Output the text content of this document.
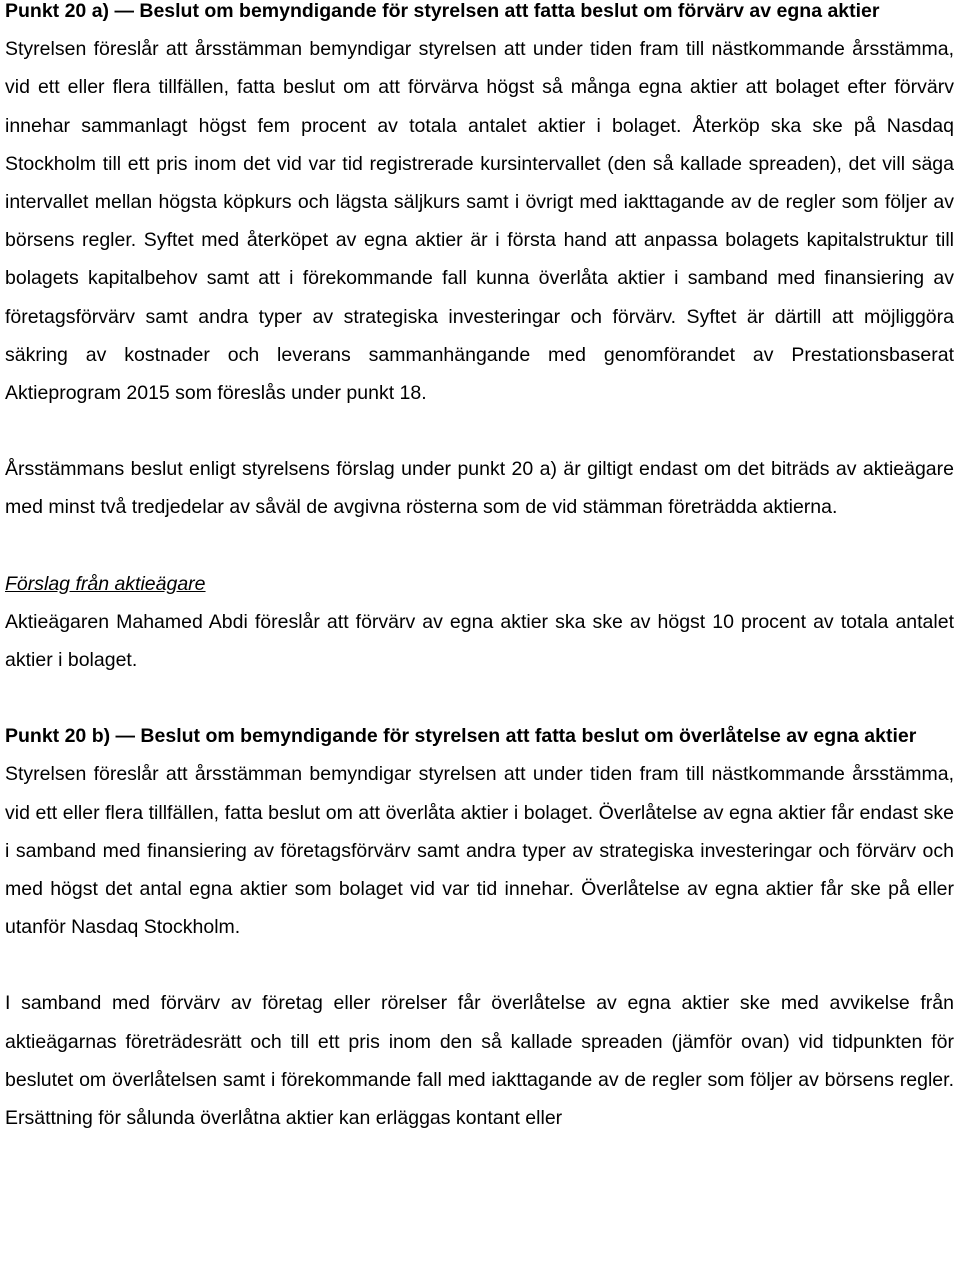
Punkt 20 a) — Beslut om bemyndigande för styrelsen att fatta beslut om förvärv av egna aktier

Styrelsen föreslår att årsstämman bemyndigar styrelsen att under tiden fram till nästkommande årsstämma, vid ett eller flera tillfällen, fatta beslut om att förvärva högst så många egna aktier att bolaget efter förvärv innehar sammanlagt högst fem procent av totala antalet aktier i bolaget. Återköp ska ske på Nasdaq Stockholm till ett pris inom det vid var tid registrerade kursintervallet (den så kallade spreaden), det vill säga intervallet mellan högsta köpkurs och lägsta säljkurs samt i övrigt med iakttagande av de regler som följer av börsens regler. Syftet med återköpet av egna aktier är i första hand att anpassa bolagets kapitalstruktur till bolagets kapitalbehov samt att i förekommande fall kunna överlåta aktier i samband med finansiering av företagsförvärv samt andra typer av strategiska investeringar och förvärv. Syftet är därtill att möjliggöra säkring av kostnader och leverans sammanhängande med genomförandet av Prestationsbaserat Aktieprogram 2015 som föreslås under punkt 18.

Årsstämmans beslut enligt styrelsens förslag under punkt 20 a) är giltigt endast om det biträds av aktieägare med minst två tredjedelar av såväl de avgivna rösterna som de vid stämman företrädda aktierna.

Förslag från aktieägare

Aktieägaren Mahamed Abdi föreslår att förvärv av egna aktier ska ske av högst 10 procent av totala antalet aktier i bolaget.

Punkt 20 b) — Beslut om bemyndigande för styrelsen att fatta beslut om överlåtelse av egna aktier

Styrelsen föreslår att årsstämman bemyndigar styrelsen att under tiden fram till nästkommande årsstämma, vid ett eller flera tillfällen, fatta beslut om att överlåta aktier i bolaget. Överlåtelse av egna aktier får endast ske i samband med finansiering av företagsförvärv samt andra typer av strategiska investeringar och förvärv och med högst det antal egna aktier som bolaget vid var tid innehar. Överlåtelse av egna aktier får ske på eller utanför Nasdaq Stockholm.

I samband med förvärv av företag eller rörelser får överlåtelse av egna aktier ske med avvikelse från aktieägarnas företrädesrätt och till ett pris inom den så kallade spreaden (jämför ovan) vid tidpunkten för beslutet om överlåtelsen samt i förekommande fall med iakttagande av de regler som följer av börsens regler. Ersättning för sålunda överlåtna aktier kan erläggas kontant eller
